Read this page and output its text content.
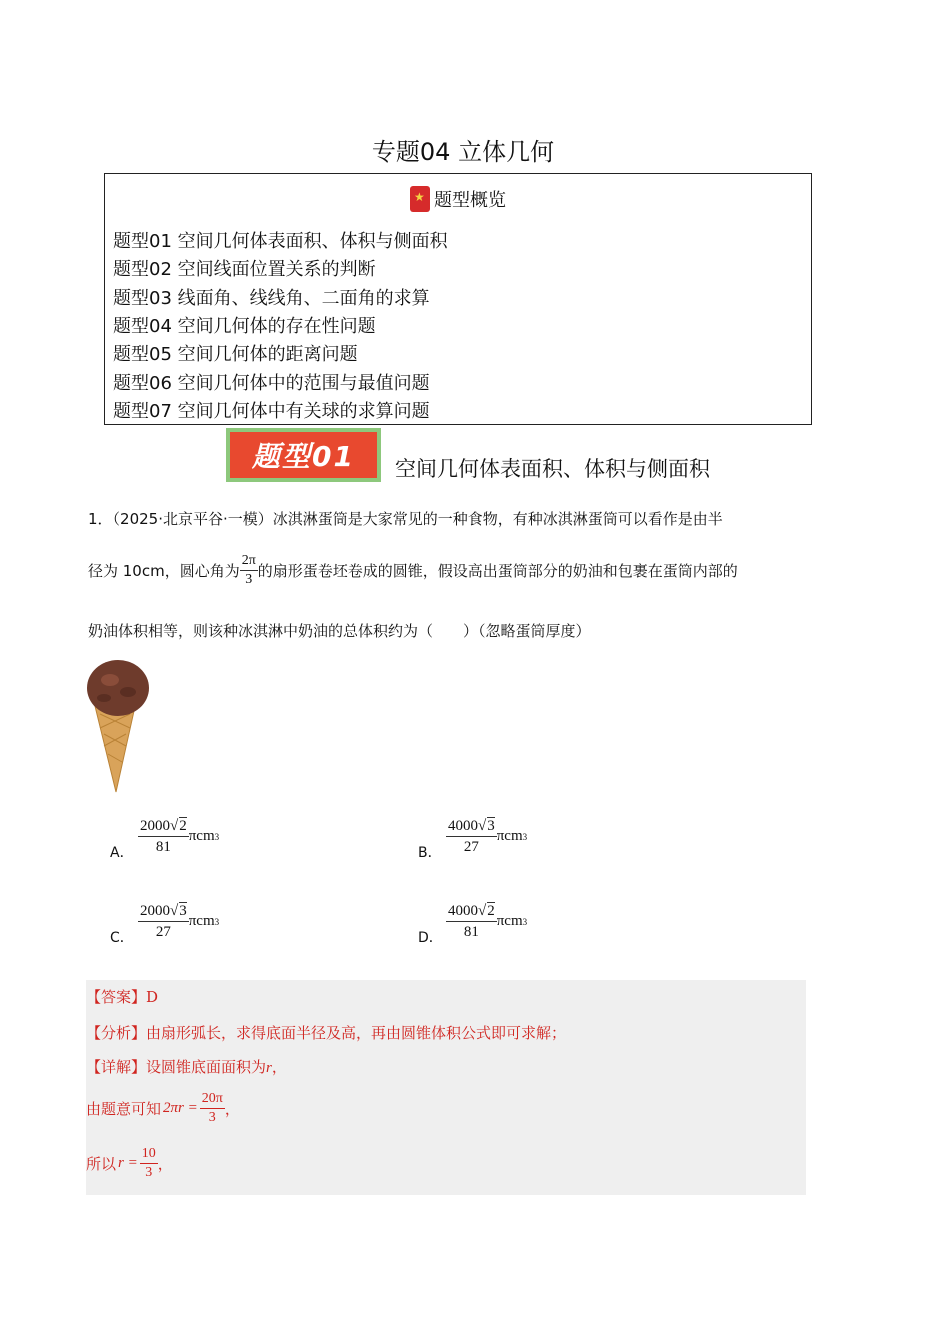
专题04 立体几何
★题型概览
题型01 空间几何体表面积、体积与侧面积
题型02 空间线面位置关系的判断
题型03 线面角、线线角、二面角的求算
题型04 空间几何体的存在性问题
题型05 空间几何体的距离问题
题型06 空间几何体中的范围与最值问题
题型07 空间几何体中有关球的求算问题
题型01	空间几何体表面积、体积与侧面积
1．（2025·北京平谷·一模）冰淇淋蛋筒是大家常见的一种食物，有种冰淇淋蛋筒可以看作是由半
径为 10cm，圆心角为 $\frac{2\pi}{3}$ 的扇形蛋卷坯卷成的圆锥，假设高出蛋筒部分的奶油和包裹在蛋筒内部的
奶油体积相等，则该种冰淇淋中奶油的总体积约为（　　）（忽略蛋筒厚度）
A． $\frac{2000√2}{81}$ πcm 3
B． $\frac{4000√3}{27}$ πcm 3
C． $\frac{2000√3}{27}$ πcm 3
D． $\frac{4000√2}{81}$ πcm 3
【答案】D
【分析】由扇形弧长，求得底面半径及高，再由圆锥体积公式即可求解；
【详解】设圆锥底面面积为r，
由题意可知 $2\pi r = \frac{20\pi}{3}$ ，
所以 $r = \frac{10}{3}$ ，
